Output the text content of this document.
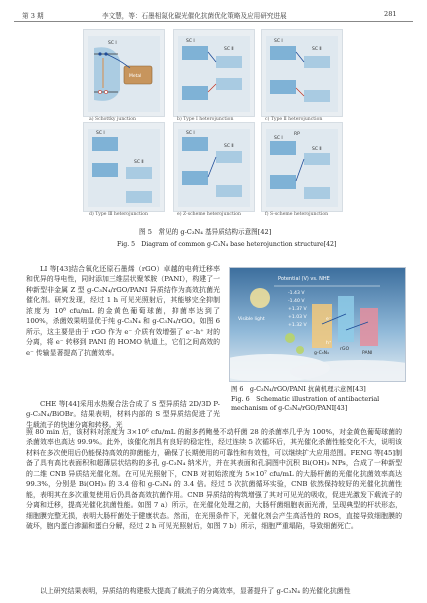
第 3 期	李文慧，等：石墨相氮化碳光催化抗菌优化策略及应用研究进展	281
SC Ⅰ
Metal
SC Ⅰ
SC Ⅱ
SC Ⅰ
SC Ⅱ
SC Ⅰ
SC Ⅱ
SC Ⅰ
SC Ⅱ
RP
SC Ⅰ
SC Ⅱ
a) Schottky junction	b) Type Ⅰ heterojunction	c) Type Ⅱ heterojunction
d) Type Ⅲ heterojunction	e) Z-scheme heterojunction	f) S-scheme heterojunction
图 5　常见的 g-C₃N₄ 基异质结构示意图[42]
Fig. 5　Diagram of common g-C₃N₄ base heterojunction structure[42]

LI 等[43]结合氧化还原石墨烯（rGO）卓越的电荷迁移率和优异的导电性，同时添加三维层状聚苯胺（PANI），构建了一种新型非金属 Z 型 g-C₃N₄/rGO/PANI 异质结作为高效抗菌光催化剂。研究发现，经过 1 h 可见光照射后，其能够完全抑制浓度为 10⁸ cfu/mL 的金黄色葡萄球菌，抑菌率达到了 100%，杀菌效果明显优于纯 g-C₃N₄ 和 g-C₃N₄/rGO。如图 6 所示，这主要是由于 rGO 作为 e⁻ 介质有效增强了 e⁻-h⁺ 对的分离，将 e⁻ 转移到 PANI 的 HOMO 轨道上，它们之间高效的 e⁻ 传输显著提高了抗菌效率。

CHE 等[44]采用水热聚合法合成了 S 型异质结 2D/3D P-g-C₃N₄/BiOBr。结果表明，材料内部的 S 型异质结促进了光生载流子的快速分离和转移。光

Potential (V) vs. NHE
-1.43 V
-1.40 V
+1.37 V
+1.03 V
+1.32 V
g-C₃N₄
rGO
PANI
Visible light	e⁻
h⁺
图 6　g-C₃N₄/rGO/PANI 抗菌机理示意图[43]
Fig. 6　Schematic illustration of antibacterial mechanism of g-C₃N₄/rGO/PANI[43]

照 80 min 后，该材料对浓度为 3×10⁶ cfu/mL 的耐多药鲍曼不动杆菌 28 的杀菌率几乎为 100%，对金黄色葡萄球菌的杀菌效率也高达 99.9%。此外，该催化剂具有良好的稳定性，经过连续 5 次循环后，其光催化杀菌性能变化不大，说明该材料在多次使用后仍能保持高效的抑菌能力，确保了长期使用的可靠性和有效性，可以继续扩大应用范围。FENG 等[45]制备了具有高比表面积和超薄层状结构的多孔 g-C₃N₄ 纳米片，并在其表面和孔洞图中沉积 Bi(OH)₃ NPs，合成了一种新型的二维 CNB 异质结光催化剂。在可见光照射下，CNB 对初始浓度为 5×10⁷ cfu/mL 的大肠杆菌的光催化抗菌效率高达 99.3%，分别是 Bi(OH)₃ 的 3.4 倍和 g-C₃N₄ 的 3.4 倍。经过 5 次抗菌循环实验，CNB 依然保持较好的光催化抗菌性能，表明其在多次重复使用后仍具备高效抗菌作用。CNB 异质结的构筑增强了其对可见光的吸收，促进光激发下载流子的分离和迁移，提高光催化抗菌性能。如图 7 a）所示，在光催化处理之前，大肠杆菌细胞表面光滑，呈现典型的杆状形态，细胞膜完整无损，表明大肠杆菌处于健康状态。然而，在光照条件下，光催化剂会产生高活性的 ROS，直接导致细胞膜的破坏，胞内蛋白渗漏和蛋白分解，经过 2 h 可见光照射后，如图 7 b）所示，细胞严重塌陷，导致细菌死亡。

以上研究结果表明，异质结的构建极大提高了载流子的分离效率，显著提升了 g-C₃N₄ 的光催化抗菌性
